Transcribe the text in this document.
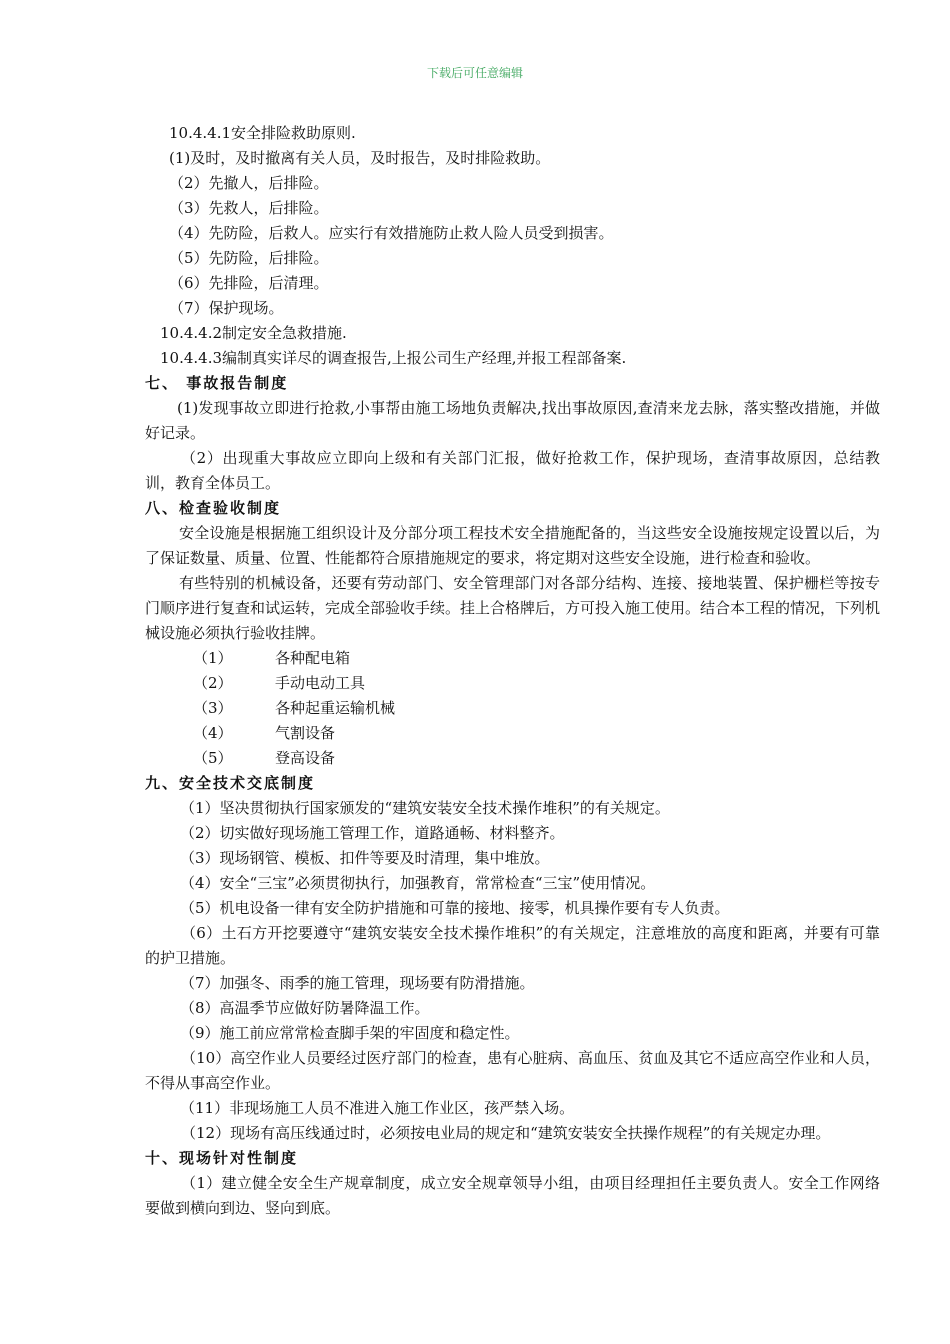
下载后可任意编辑
10.4.4.1安全排险救助原则.
(1)及时，及时撤离有关人员，及时报告，及时排险救助。
（2）先撤人，后排险。
（3）先救人，后排险。
（4）先防险，后救人。应实行有效措施防止救人险人员受到损害。
（5）先防险，后排险。
（6）先排险，后清理。
（7）保护现场。
10.4.4.2制定安全急救措施.
10.4.4.3编制真实详尽的调查报告,上报公司生产经理,并报工程部备案.
七、 事故报告制度
(1)发现事故立即进行抢救,小事帮由施工场地负责解决,找出事故原因,查清来龙去脉，落实整改措施，并做好记录。
（2）出现重大事故应立即向上级和有关部门汇报，做好抢救工作，保护现场，查清事故原因，总结教训，教育全体员工。
八、检查验收制度
安全设施是根据施工组织设计及分部分项工程技术安全措施配备的，当这些安全设施按规定设置以后，为了保证数量、质量、位置、性能都符合原措施规定的要求，将定期对这些安全设施，进行检查和验收。
有些特别的机械设备，还要有劳动部门、安全管理部门对各部分结构、连接、接地装置、保护栅栏等按专门顺序进行复查和试运转，完成全部验收手续。挂上合格牌后，方可投入施工使用。结合本工程的情况，下列机械设施必须执行验收挂牌。
（1）	各种配电箱
（2）	手动电动工具
（3）	各种起重运输机械
（4）	气割设备
（5）	登高设备
九、安全技术交底制度
（1）坚决贯彻执行国家颁发的“建筑安装安全技术操作堆积”的有关规定。
（2）切实做好现场施工管理工作，道路通畅、材料整齐。
（3）现场钢管、模板、扣件等要及时清理，集中堆放。
（4）安全“三宝”必须贯彻执行，加强教育，常常检查“三宝”使用情况。
（5）机电设备一律有安全防护措施和可靠的接地、接零，机具操作要有专人负责。
（6）土石方开挖要遵守“建筑安装安全技术操作堆积”的有关规定，注意堆放的高度和距离，并要有可靠的护卫措施。
（7）加强冬、雨季的施工管理，现场要有防滑措施。
（8）高温季节应做好防暑降温工作。
（9）施工前应常常检查脚手架的牢固度和稳定性。
（10）高空作业人员要经过医疗部门的检查，患有心脏病、高血压、贫血及其它不适应高空作业和人员，不得从事高空作业。
（11）非现场施工人员不准进入施工作业区，孩严禁入场。
（12）现场有高压线通过时，必须按电业局的规定和“建筑安装安全扶操作规程”的有关规定办理。
十、现场针对性制度
（1）建立健全安全生产规章制度，成立安全规章领导小组，由项目经理担任主要负责人。安全工作网络要做到横向到边、竖向到底。
